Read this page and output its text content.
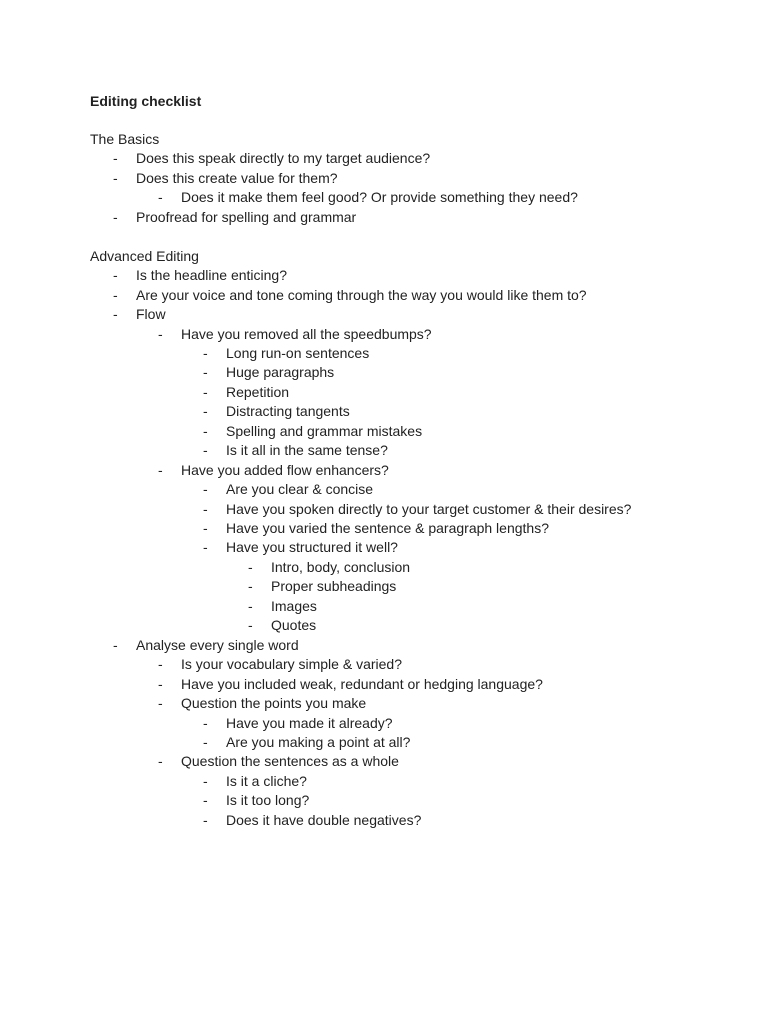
Editing checklist
The Basics
- Does this speak directly to my target audience?
- Does this create value for them?
- Does it make them feel good? Or provide something they need?
- Proofread for spelling and grammar
Advanced Editing
- Is the headline enticing?
- Are your voice and tone coming through the way you would like them to?
- Flow
- Have you removed all the speedbumps?
- Long run-on sentences
- Huge paragraphs
- Repetition
- Distracting tangents
- Spelling and grammar mistakes
- Is it all in the same tense?
- Have you added flow enhancers?
- Are you clear & concise
- Have you spoken directly to your target customer & their desires?
- Have you varied the sentence & paragraph lengths?
- Have you structured it well?
- Intro, body, conclusion
- Proper subheadings
- Images
- Quotes
- Analyse every single word
- Is your vocabulary simple & varied?
- Have you included weak, redundant or hedging language?
- Question the points you make
- Have you made it already?
- Are you making a point at all?
- Question the sentences as a whole
- Is it a cliche?
- Is it too long?
- Does it have double negatives?
